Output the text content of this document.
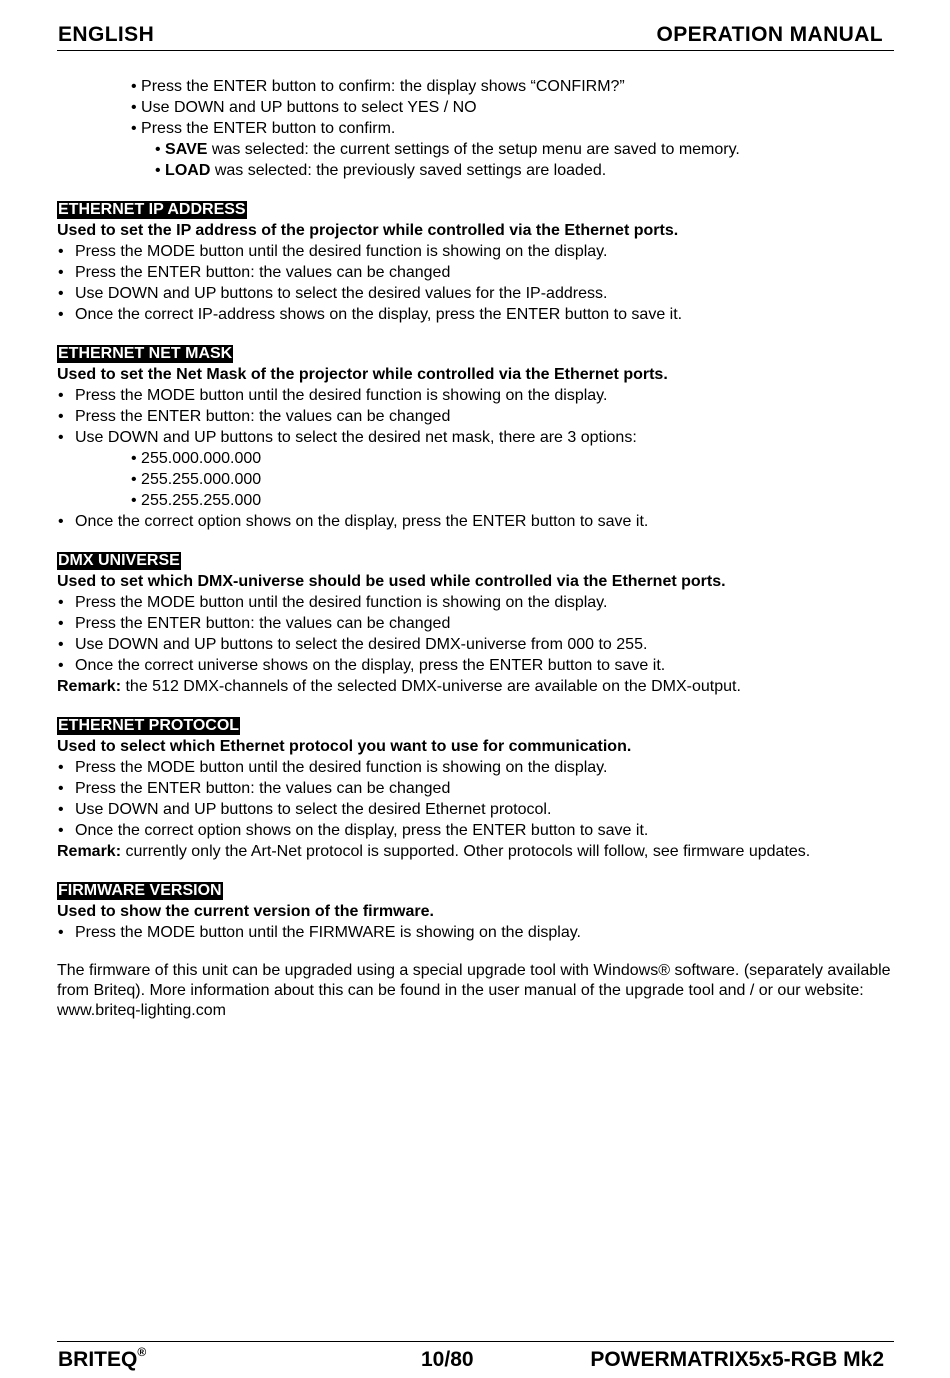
ENGLISH	OPERATION MANUAL
• Press the ENTER button to confirm: the display shows “CONFIRM?”
• Use DOWN and UP buttons to select YES / NO
• Press the ENTER button to confirm.
• SAVE was selected: the current settings of the setup menu are saved to memory.
• LOAD was selected: the previously saved settings are loaded.
ETHERNET IP ADDRESS
Used to set the IP address of the projector while controlled via the Ethernet ports.
• Press the MODE button until the desired function is showing on the display.
• Press the ENTER button: the values can be changed
• Use DOWN and UP buttons to select the desired values for the IP-address.
• Once the correct IP-address shows on the display, press the ENTER button to save it.
ETHERNET NET MASK
Used to set the Net Mask of the projector while controlled via the Ethernet ports.
• Press the MODE button until the desired function is showing on the display.
• Press the ENTER button: the values can be changed
• Use DOWN and UP buttons to select the desired net mask, there are 3 options:
• 255.000.000.000
• 255.255.000.000
• 255.255.255.000
• Once the correct option shows on the display, press the ENTER button to save it.
DMX UNIVERSE
Used to set which DMX-universe should be used while controlled via the Ethernet ports.
• Press the MODE button until the desired function is showing on the display.
• Press the ENTER button: the values can be changed
• Use DOWN and UP buttons to select the desired DMX-universe from 000 to 255.
• Once the correct universe shows on the display, press the ENTER button to save it.
Remark: the 512 DMX-channels of the selected DMX-universe are available on the DMX-output.
ETHERNET PROTOCOL
Used to select which Ethernet protocol you want to use for communication.
• Press the MODE button until the desired function is showing on the display.
• Press the ENTER button: the values can be changed
• Use DOWN and UP buttons to select the desired Ethernet protocol.
• Once the correct option shows on the display, press the ENTER button to save it.
Remark: currently only the Art-Net protocol is supported. Other protocols will follow, see firmware updates.
FIRMWARE VERSION
Used to show the current version of the firmware.
• Press the MODE button until the FIRMWARE is showing on the display.
The firmware of this unit can be upgraded using a special upgrade tool with Windows® software. (separately available from Briteq). More information about this can be found in the user manual of the upgrade tool and / or our website: www.briteq-lighting.com
BRITEQ®	10/80	POWERMATRIX5x5-RGB Mk2
